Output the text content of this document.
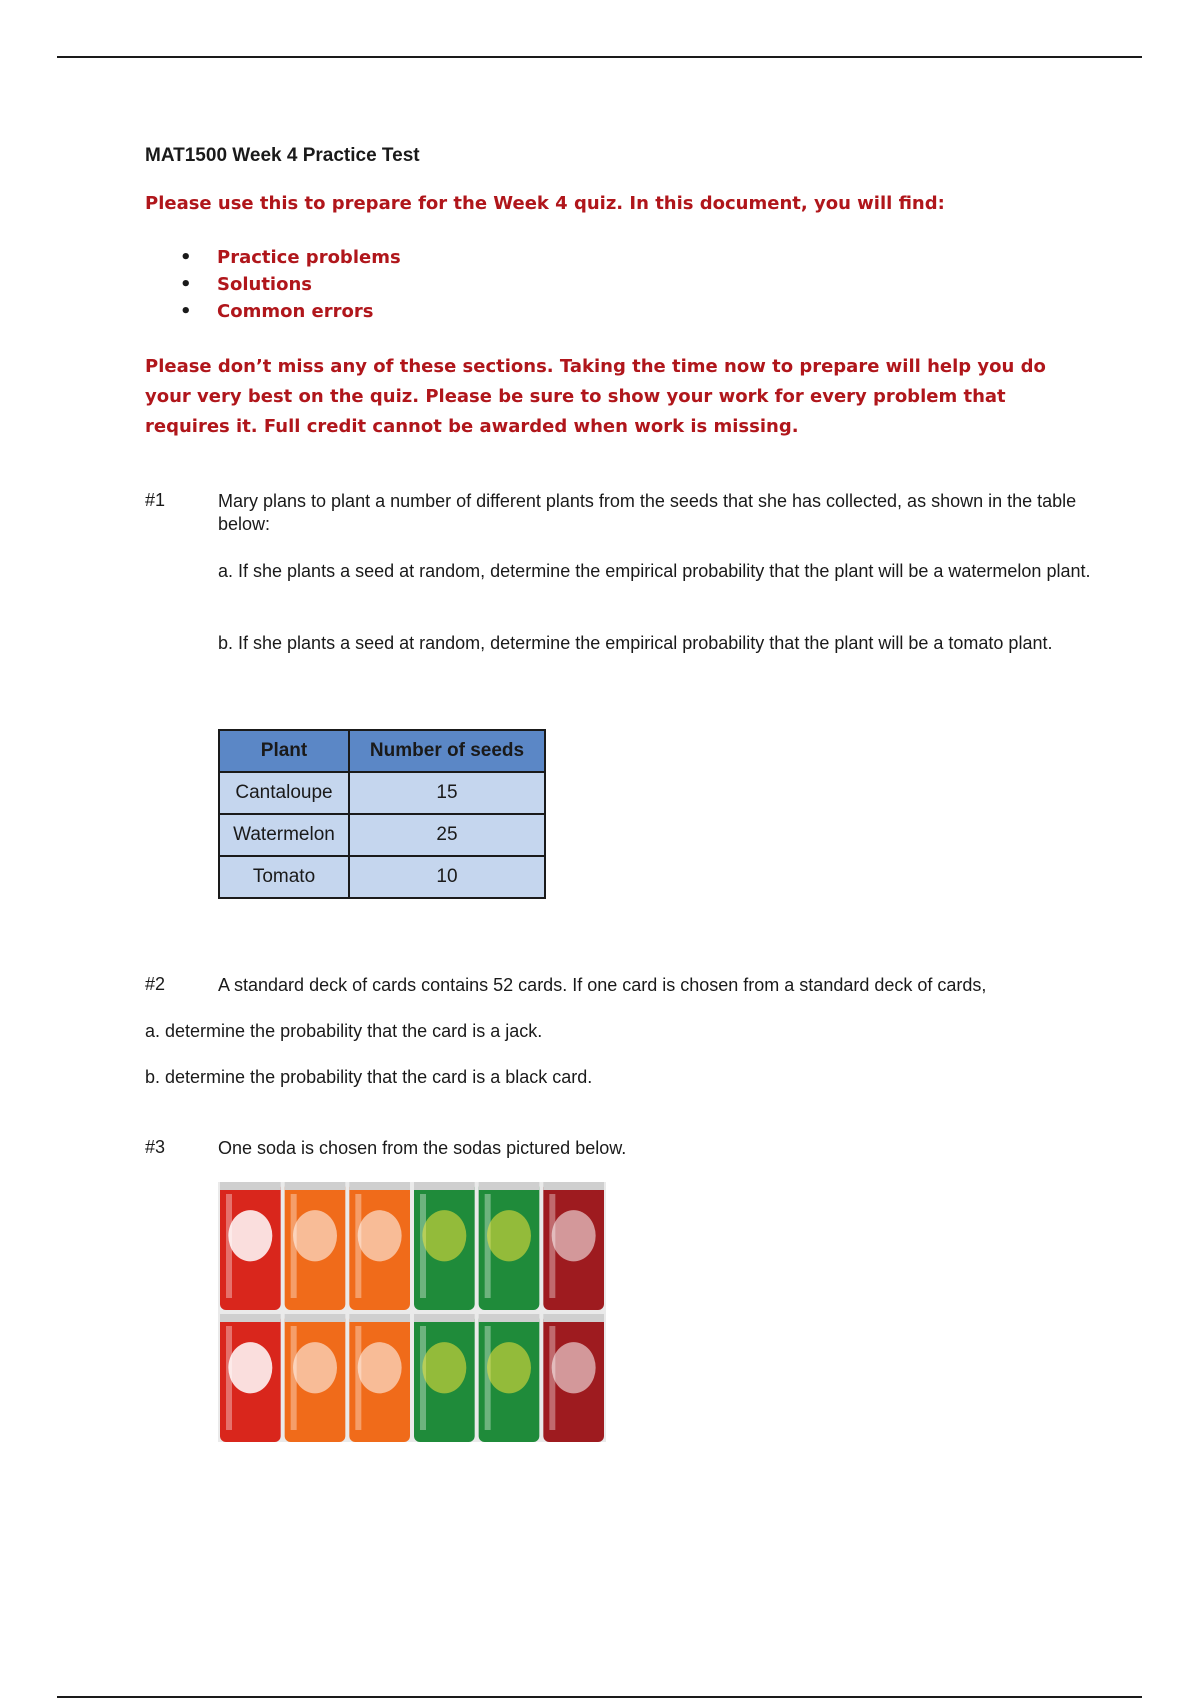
MAT1500 Week 4 Practice Test
Please use this to prepare for the Week 4 quiz. In this document, you will find:
• Practice problems
• Solutions
• Common errors
Please don’t miss any of these sections. Taking the time now to prepare will help you do your very best on the quiz. Please be sure to show your work for every problem that requires it. Full credit cannot be awarded when work is missing.
#1	Mary plans to plant a number of different plants from the seeds that she has collected, as shown in the table below:
a. If she plants a seed at random, determine the empirical probability that the plant will be a watermelon plant.
b. If she plants a seed at random, determine the empirical probability that the plant will be a tomato plant.
Plant	Number of seeds
Cantaloupe	15
Watermelon	25
Tomato	10
#2	A standard deck of cards contains 52 cards. If one card is chosen from a standard deck of cards,
a. determine the probability that the card is a jack.
b. determine the probability that the card is a black card.
#3	One soda is chosen from the sodas pictured below.
